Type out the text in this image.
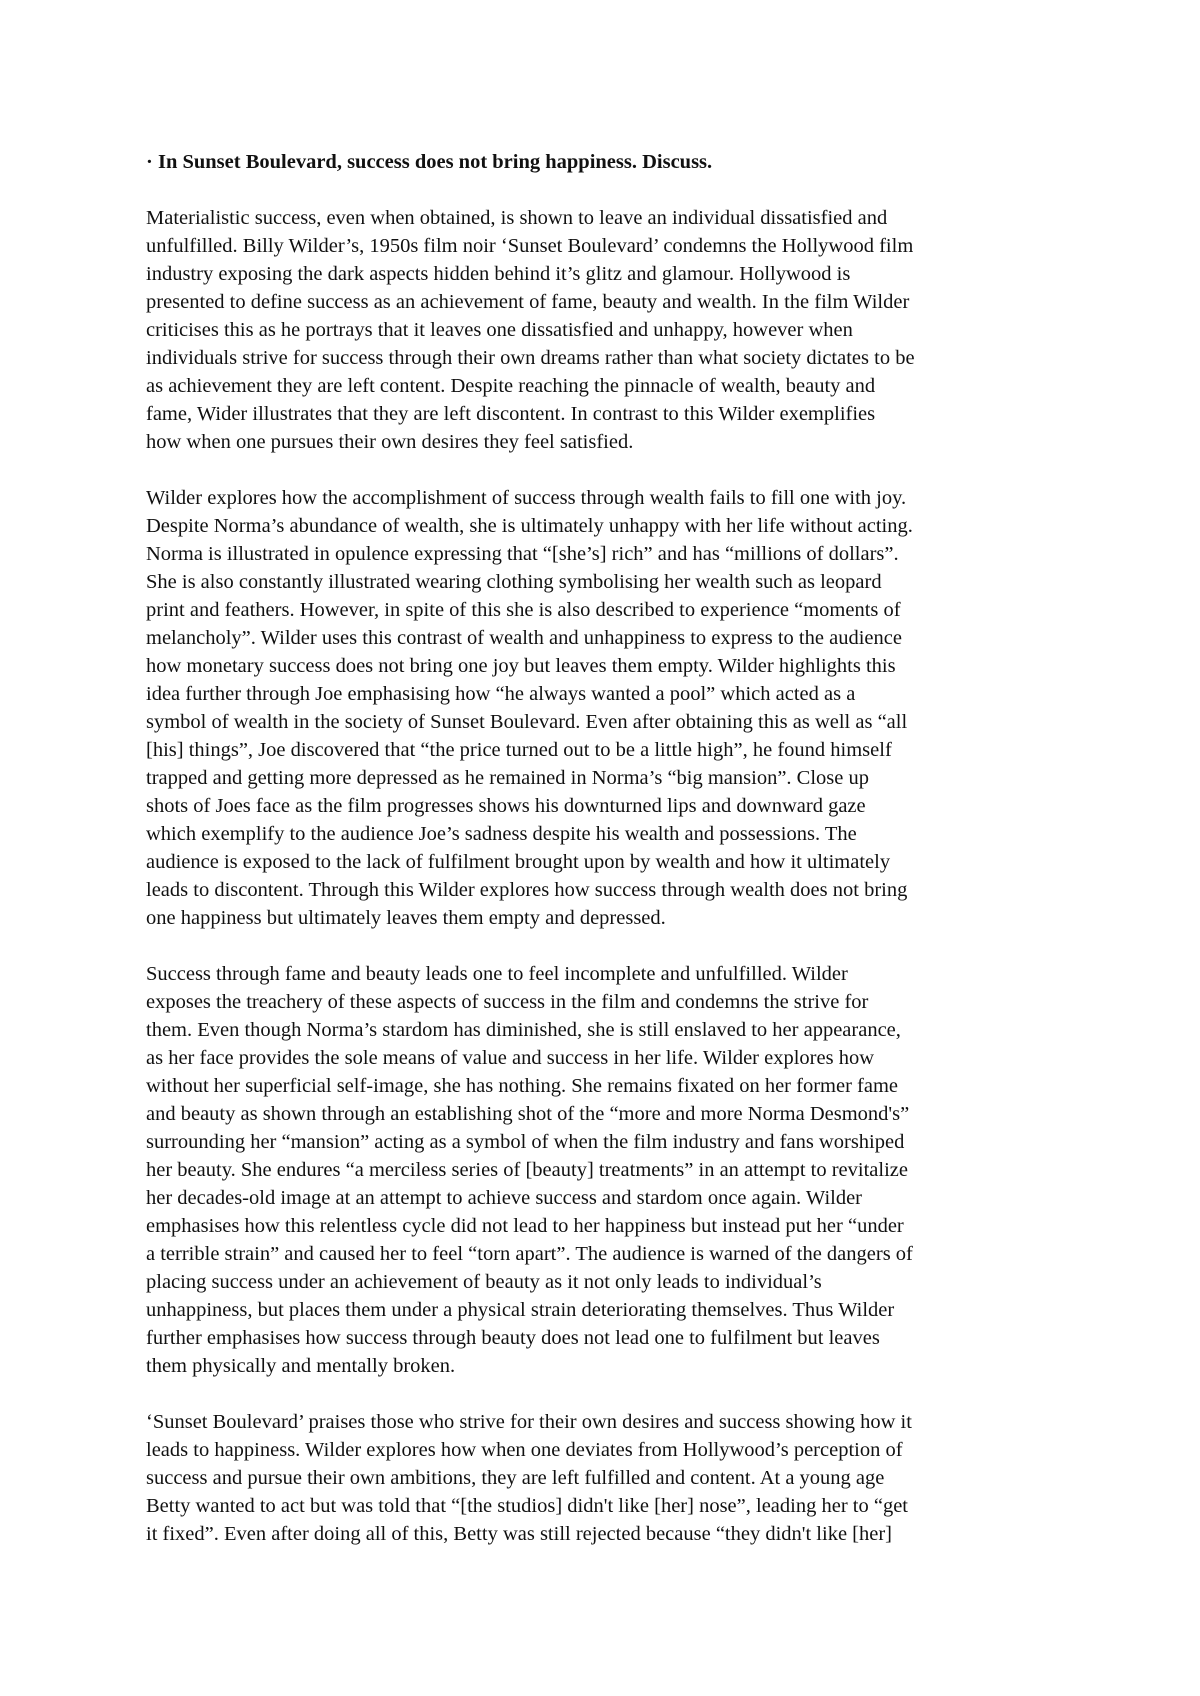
· In Sunset Boulevard, success does not bring happiness. Discuss.
Materialistic success, even when obtained, is shown to leave an individual dissatisfied and
unfulfilled. Billy Wilder’s, 1950s film noir ‘Sunset Boulevard’ condemns the Hollywood film
industry exposing the dark aspects hidden behind it’s glitz and glamour. Hollywood is
presented to define success as an achievement of fame, beauty and wealth. In the film Wilder
criticises this as he portrays that it leaves one dissatisfied and unhappy, however when
individuals strive for success through their own dreams rather than what society dictates to be
as achievement they are left content. Despite reaching the pinnacle of wealth, beauty and
fame, Wider illustrates that they are left discontent. In contrast to this Wilder exemplifies
how when one pursues their own desires they feel satisfied.
Wilder explores how the accomplishment of success through wealth fails to fill one with joy.
Despite Norma’s abundance of wealth, she is ultimately unhappy with her life without acting.
Norma is illustrated in opulence expressing that “[she’s] rich” and has “millions of dollars”.
She is also constantly illustrated wearing clothing symbolising her wealth such as leopard
print and feathers. However, in spite of this she is also described to experience “moments of
melancholy”. Wilder uses this contrast of wealth and unhappiness to express to the audience
how monetary success does not bring one joy but leaves them empty. Wilder highlights this
idea further through Joe emphasising how “he always wanted a pool” which acted as a
symbol of wealth in the society of Sunset Boulevard. Even after obtaining this as well as “all
[his] things”, Joe discovered that “the price turned out to be a little high”, he found himself
trapped and getting more depressed as he remained in Norma’s “big mansion”. Close up
shots of Joes face as the film progresses shows his downturned lips and downward gaze
which exemplify to the audience Joe’s sadness despite his wealth and possessions. The
audience is exposed to the lack of fulfilment brought upon by wealth and how it ultimately
leads to discontent. Through this Wilder explores how success through wealth does not bring
one happiness but ultimately leaves them empty and depressed.
Success through fame and beauty leads one to feel incomplete and unfulfilled. Wilder
exposes the treachery of these aspects of success in the film and condemns the strive for
them. Even though Norma’s stardom has diminished, she is still enslaved to her appearance,
as her face provides the sole means of value and success in her life. Wilder explores how
without her superficial self-image, she has nothing. She remains fixated on her former fame
and beauty as shown through an establishing shot of the “more and more Norma Desmond's”
surrounding her “mansion” acting as a symbol of when the film industry and fans worshiped
her beauty. She endures “a merciless series of [beauty] treatments” in an attempt to revitalize
her decades-old image at an attempt to achieve success and stardom once again. Wilder
emphasises how this relentless cycle did not lead to her happiness but instead put her “under
a terrible strain” and caused her to feel “torn apart”. The audience is warned of the dangers of
placing success under an achievement of beauty as it not only leads to individual’s
unhappiness, but places them under a physical strain deteriorating themselves. Thus Wilder
further emphasises how success through beauty does not lead one to fulfilment but leaves
them physically and mentally broken.
‘Sunset Boulevard’ praises those who strive for their own desires and success showing how it
leads to happiness. Wilder explores how when one deviates from Hollywood’s perception of
success and pursue their own ambitions, they are left fulfilled and content. At a young age
Betty wanted to act but was told that “[the studios] didn't like [her] nose”, leading her to “get
it fixed”. Even after doing all of this, Betty was still rejected because “they didn't like [her]
